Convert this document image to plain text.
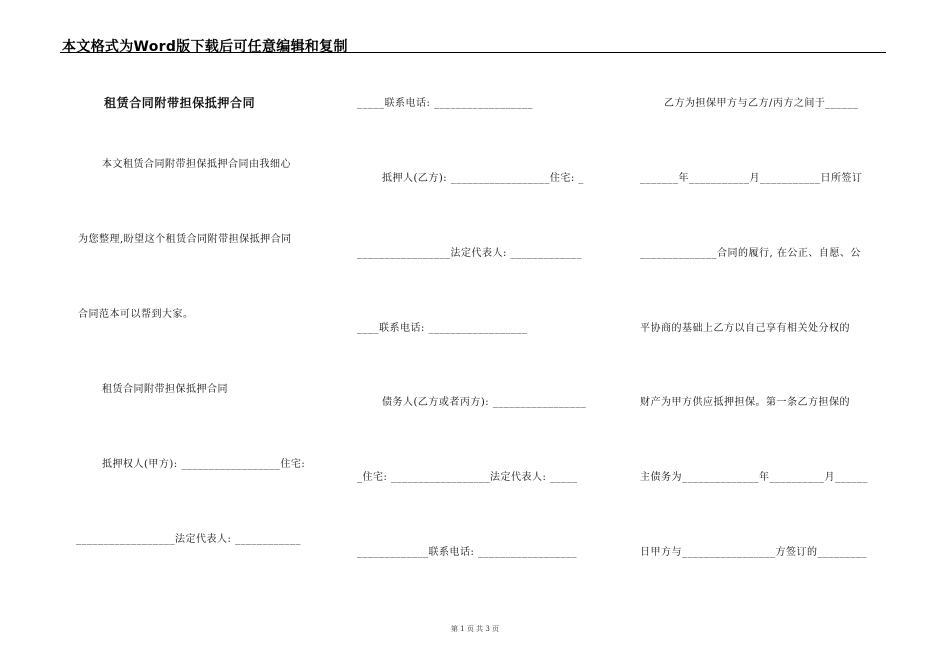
本文格式为Word版下载后可任意编辑和复制
租赁合同附带担保抵押合同
本文租赁合同附带担保抵押合同由我细心
为您整理,盼望这个租赁合同附带担保抵押合同
合同范本可以帮到大家。
租赁合同附带担保抵押合同
抵押权人(甲方): __________________住宅:
__________________法定代表人: ____________
_____联系电话: __________________
抵押人(乙方): __________________住宅: _
_________________法定代表人: _____________
____联系电话: __________________
债务人(乙方或者丙方): _________________
_住宅: __________________法定代表人: _____
_____________联系电话: __________________
乙方为担保甲方与乙方/丙方之间于______
_______年___________月___________日所签订
______________合同的履行, 在公正、自愿、公
平协商的基础上乙方以自己享有相关处分权的
财产为甲方供应抵押担保。第一条乙方担保的
主债务为______________年__________月______
日甲方与_________________方签订的_________
第 1 页 共 3 页
